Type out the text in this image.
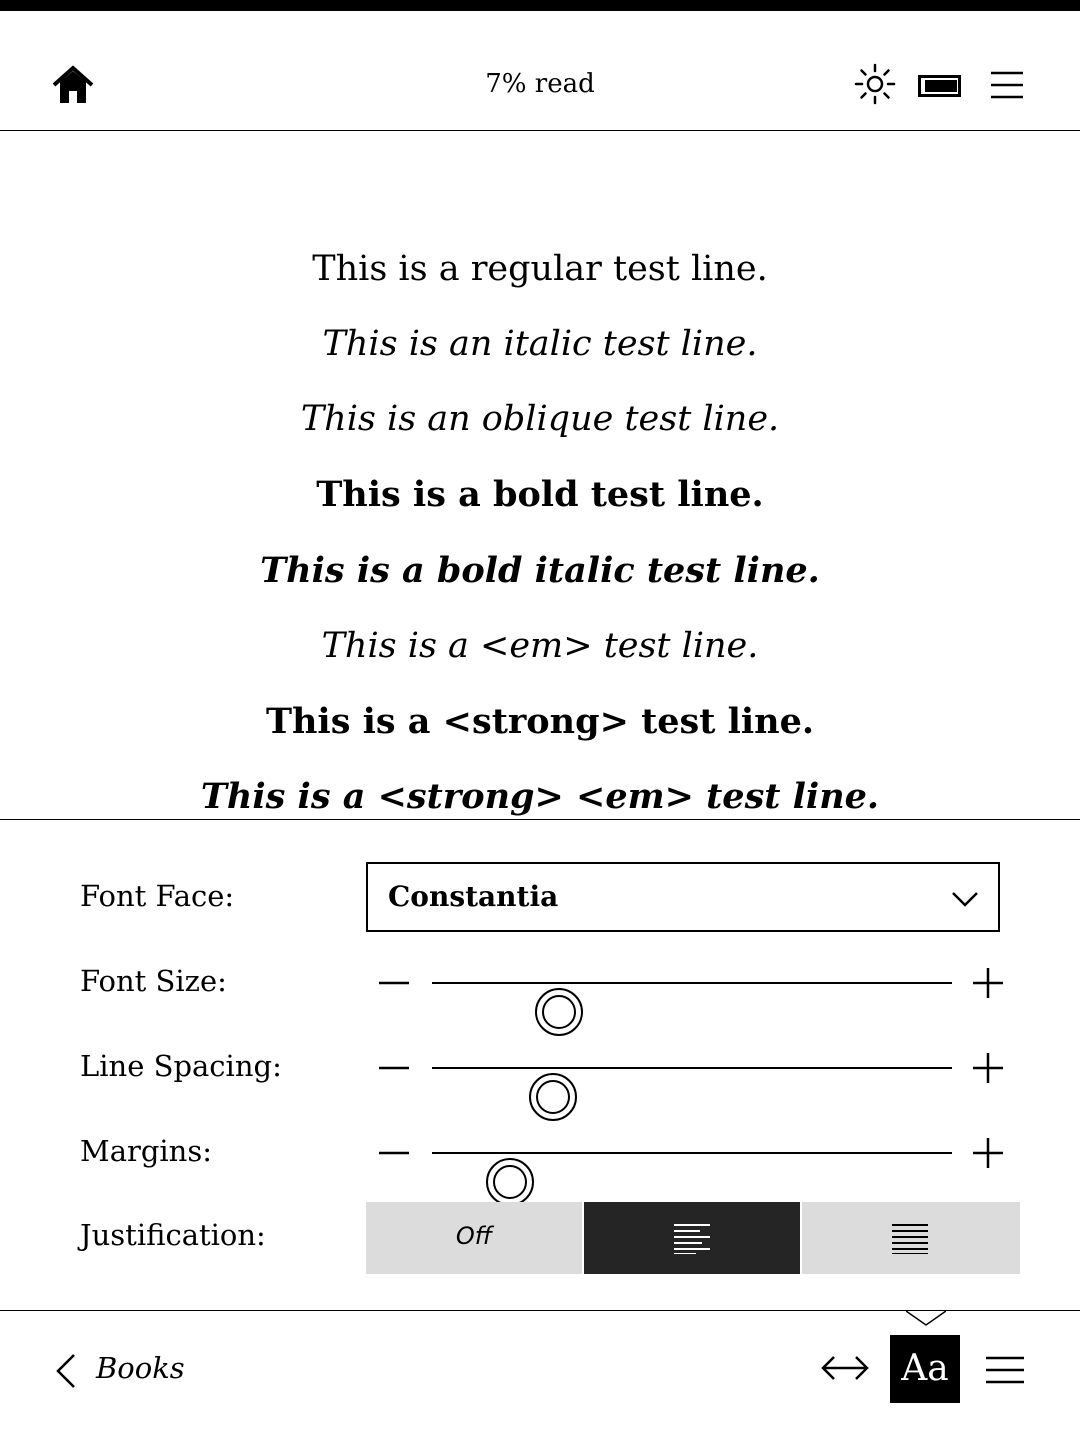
7% read
This is a regular test line.
This is an italic test line.
This is an oblique test line.
This is a bold test line.
This is a bold italic test line.
This is a <em> test line.
This is a <strong> test line.
This is a <strong> <em> test line.
Font Face:	Constantia
Font Size:
Line Spacing:
Margins:
Justification:	Off
Books	Aa
